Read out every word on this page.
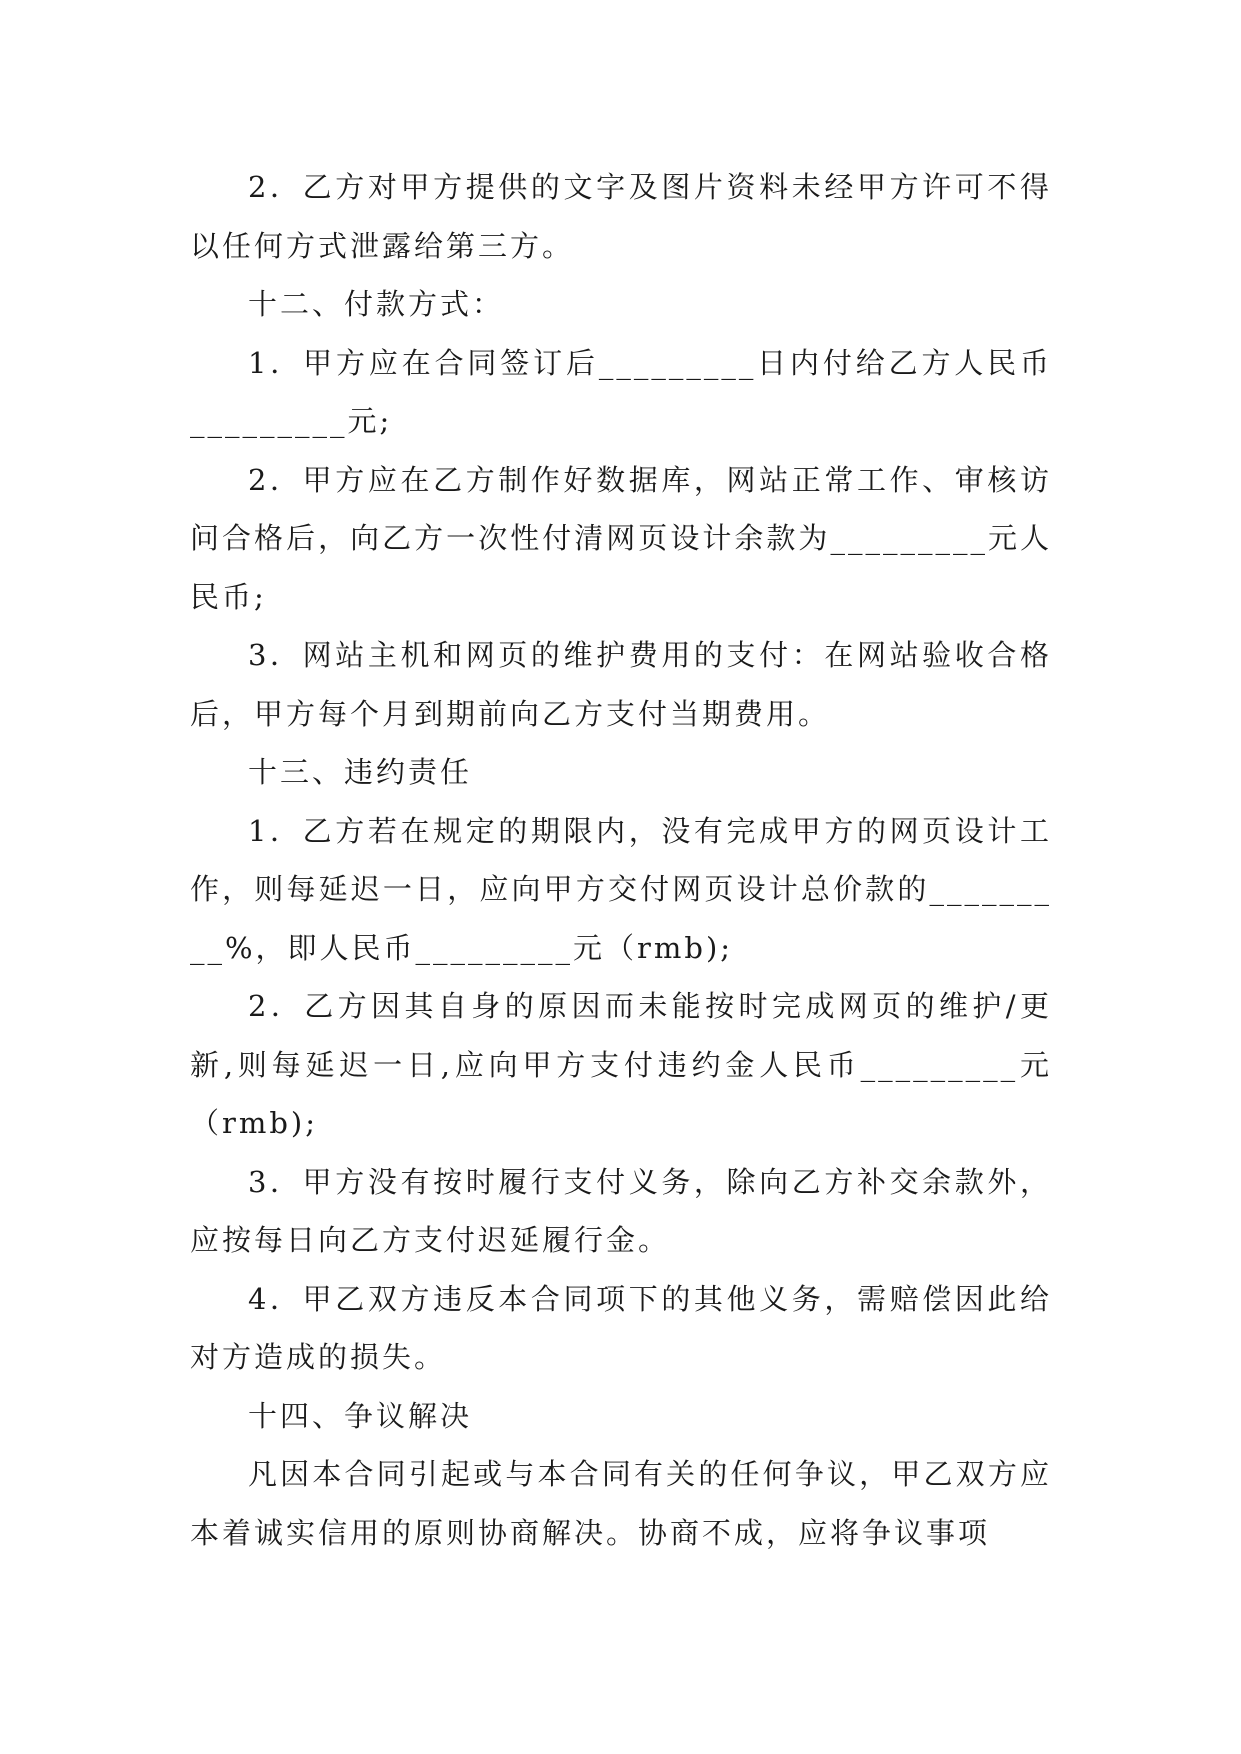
2．乙方对甲方提供的文字及图片资料未经甲方许可不得以任何方式泄露给第三方。

十二、付款方式：

1．甲方应在合同签订后_________日内付给乙方人民币_________元;

2．甲方应在乙方制作好数据库，网站正常工作、审核访问合格后，向乙方一次性付清网页设计余款为_________元人民币;

3．网站主机和网页的维护费用的支付：在网站验收合格后，甲方每个月到期前向乙方支付当期费用。

十三、违约责任

1．乙方若在规定的期限内，没有完成甲方的网页设计工作，则每延迟一日，应向甲方交付网页设计总价款的_________%，即人民币_________元（rmb);

2．乙方因其自身的原因而未能按时完成网页的维护/更新,则每延迟一日,应向甲方支付违约金人民币_________元（rmb);

3．甲方没有按时履行支付义务，除向乙方补交余款外，应按每日向乙方支付迟延履行金。

4．甲乙双方违反本合同项下的其他义务，需赔偿因此给对方造成的损失。

十四、争议解决

凡因本合同引起或与本合同有关的任何争议，甲乙双方应本着诚实信用的原则协商解决。协商不成，应将争议事项
